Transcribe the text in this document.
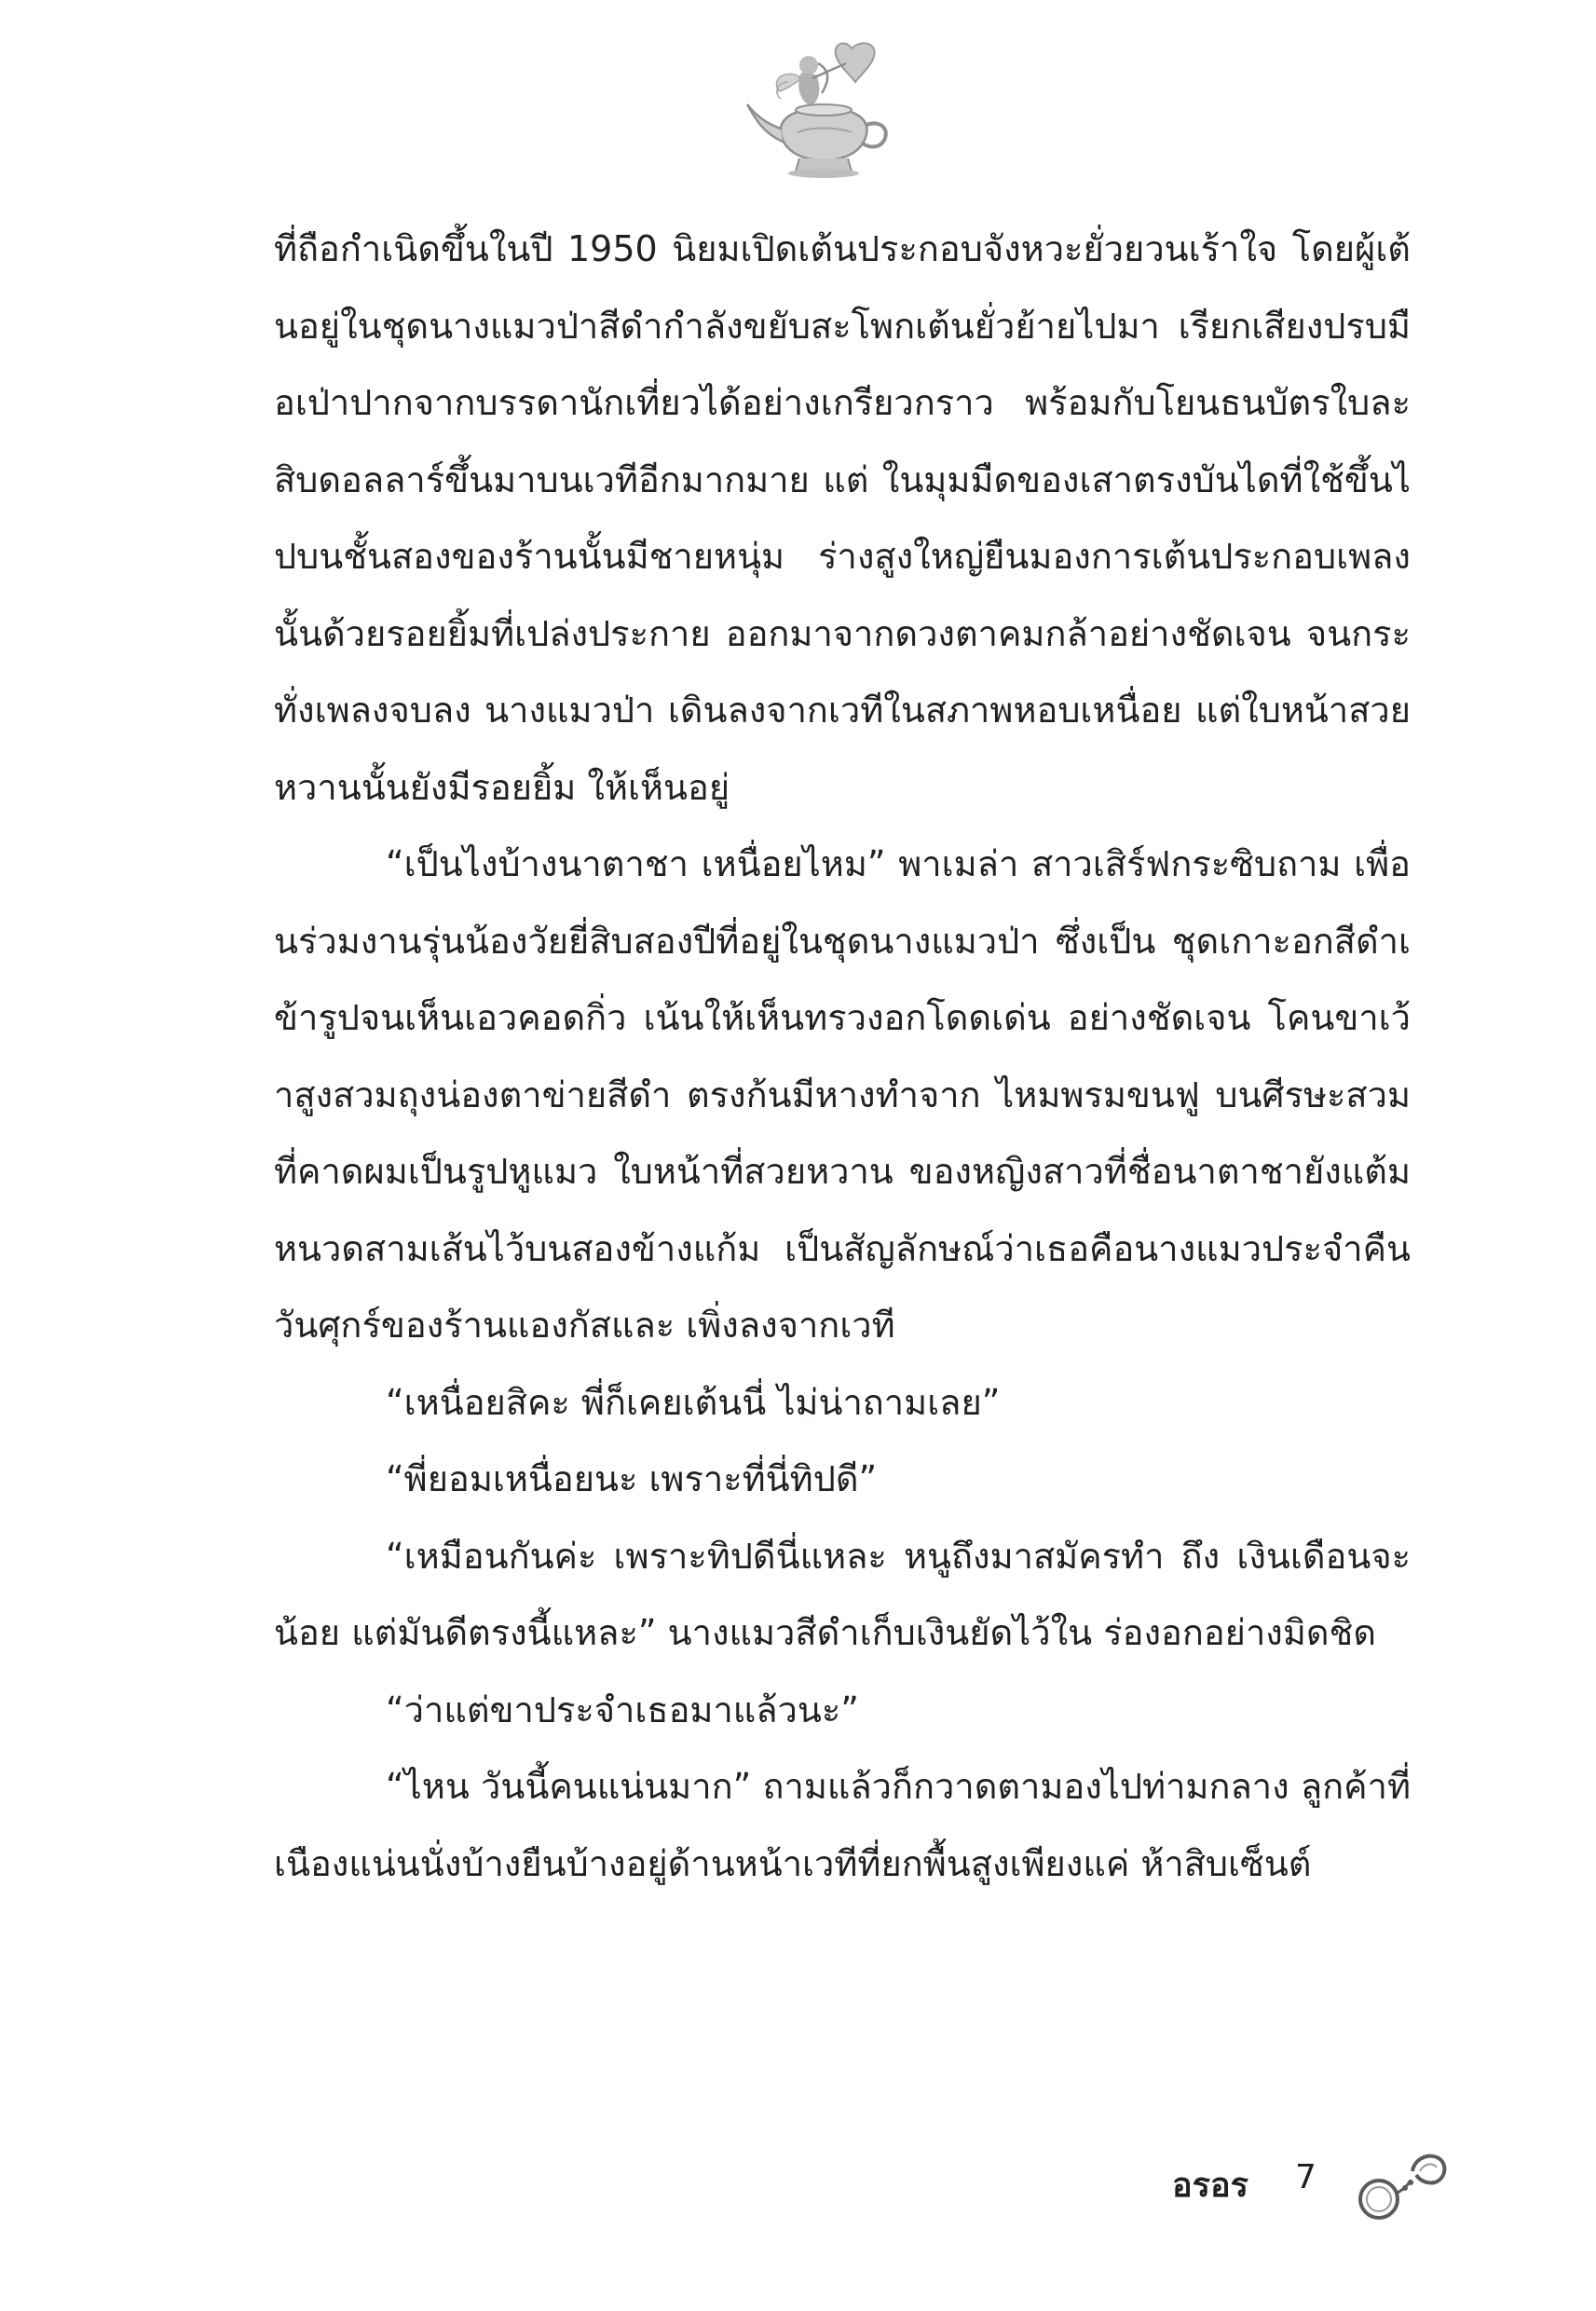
ที่ถือกำเนิดขึ้นในปี 1950 นิยมเปิดเต้นประกอบจังหวะยั่วยวนเร้าใจ โดยผู้เต้นอยู่ในชุดนางแมวป่าสีดำกำลังขยับสะโพกเต้นยั่วย้ายไปมา เรียกเสียงปรบมือเป่าปากจากบรรดานักเที่ยวได้อย่างเกรียวกราว พร้อมกับโยนธนบัตรใบละสิบดอลลาร์ขึ้นมาบนเวทีอีกมากมาย แต่ ในมุมมืดของเสาตรงบันไดที่ใช้ขึ้นไปบนชั้นสองของร้านนั้นมีชายหนุ่ม ร่างสูงใหญ่ยืนมองการเต้นประกอบเพลงนั้นด้วยรอยยิ้มที่เปล่งประกาย ออกมาจากดวงตาคมกล้าอย่างชัดเจน จนกระทั่งเพลงจบลง นางแมวป่า เดินลงจากเวทีในสภาพหอบเหนื่อย แต่ใบหน้าสวยหวานนั้นยังมีรอยยิ้ม ให้เห็นอยู่

“เป็นไงบ้างนาตาชา เหนื่อยไหม” พาเมล่า สาวเสิร์ฟกระซิบถาม เพื่อนร่วมงานรุ่นน้องวัยยี่สิบสองปีที่อยู่ในชุดนางแมวป่า ซึ่งเป็น ชุดเกาะอกสีดำเข้ารูปจนเห็นเอวคอดกิ่ว เน้นให้เห็นทรวงอกโดดเด่น อย่างชัดเจน โคนขาเว้าสูงสวมถุงน่องตาข่ายสีดำ ตรงก้นมีหางทำจาก ไหมพรมขนฟู บนศีรษะสวมที่คาดผมเป็นรูปหูแมว ใบหน้าที่สวยหวาน ของหญิงสาวที่ชื่อนาตาชายังแต้มหนวดสามเส้นไว้บนสองข้างแก้ม เป็นสัญลักษณ์ว่าเธอคือนางแมวประจำคืนวันศุกร์ของร้านแองกัสและ เพิ่งลงจากเวที

“เหนื่อยสิคะ พี่ก็เคยเต้นนี่ ไม่น่าถามเลย”

“พี่ยอมเหนื่อยนะ เพราะที่นี่ทิปดี”

“เหมือนกันค่ะ เพราะทิปดีนี่แหละ หนูถึงมาสมัครทำ ถึง เงินเดือนจะน้อย แต่มันดีตรงนี้แหละ” นางแมวสีดำเก็บเงินยัดไว้ใน ร่องอกอย่างมิดชิด

“ว่าแต่ขาประจำเธอมาแล้วนะ”

“ไหน วันนี้คนแน่นมาก” ถามแล้วก็กวาดตามองไปท่ามกลาง ลูกค้าที่เนืองแน่นนั่งบ้างยืนบ้างอยู่ด้านหน้าเวทีที่ยกพื้นสูงเพียงแค่ ห้าสิบเซ็นต์

อรอร 7
